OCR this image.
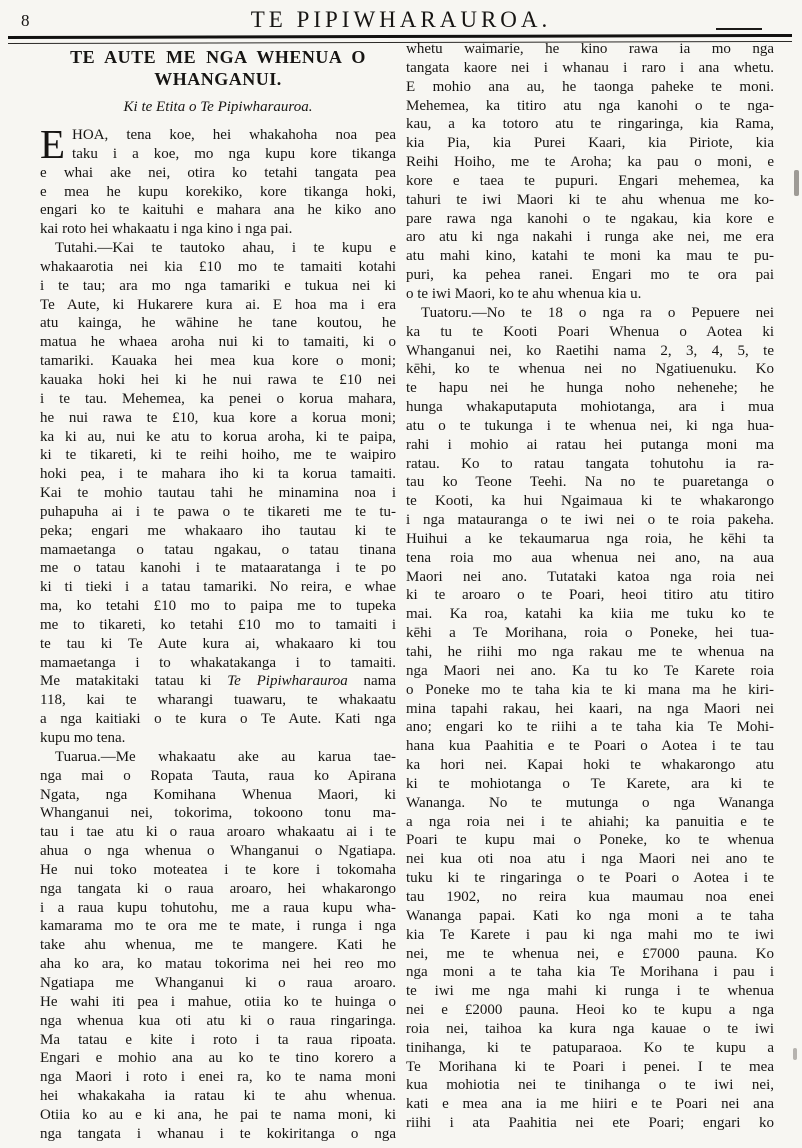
8	TE PIPIWHARAUROA.
TE AUTE ME NGA WHENUA O
WHANGANUI.
Ki te Etita o Te Pipiwharauroa.
E HOA, tena koe, hei whakahoha noa pea
taku i a koe, mo nga kupu kore tikanga
e whai ake nei, otira ko tetahi tangata pea
e mea he kupu korekiko, kore tikanga hoki,
engari ko te kaituhi e mahara ana he kiko ano
kai roto hei whakaatu i nga kino i nga pai.
Tutahi.—Kai te tautoko ahau, i te kupu e
whakaarotia nei kia £10 mo te tamaiti kotahi
i te tau; ara mo nga tamariki e tukua nei ki
Te Aute, ki Hukarere kura ai. E hoa ma i era
atu kainga, he wāhine he tane koutou, he
matua he whaea aroha nui ki to tamaiti, ki o
tamariki. Kauaka hei mea kua kore o moni;
kauaka hoki hei ki he nui rawa te £10 nei
i te tau. Mehemea, ka penei o korua mahara,
he nui rawa te £10, kua kore a korua moni;
ka ki au, nui ke atu to korua aroha, ki te paipa,
ki te tikareti, ki te reihi hoiho, me te waipiro
hoki pea, i te mahara iho ki ta korua tamaiti.
Kai te mohio tautau tahi he minamina noa i
puhapuha ai i te pawa o te tikareti me te tu-
peka; engari me whakaaro iho tautau ki te
mamaetanga o tatau ngakau, o tatau tinana
me o tatau kanohi i te mataaratanga i te po
ki ti tieki i a tatau tamariki. No reira, e whae
ma, ko tetahi £10 mo to paipa me to tupeka
me to tikareti, ko tetahi £10 mo to tamaiti i
te tau ki Te Aute kura ai, whakaaro ki tou
mamaetanga i to whakatakanga i to tamaiti.
Me matakitaki tatau ki Te Pipiwharauroa nama
118, kai te wharangi tuawaru, te whakaatu
a nga kaitiaki o te kura o Te Aute. Kati nga
kupu mo tena.
Tuarua.—Me whakaatu ake au karua tae-
nga mai o Ropata Tauta, raua ko Apirana
Ngata, nga Komihana Whenua Maori, ki
Whanganui nei, tokorima, tokoono tonu ma-
tau i tae atu ki o raua aroaro whakaatu ai i te
ahua o nga whenua o Whanganui o Ngatiapa.
He nui toko moteatea i te kore i tokomaha
nga tangata ki o raua aroaro, hei whakarongo
i a raua kupu tohutohu, me a raua kupu wha-
kamarama mo te ora me te mate, i runga i nga
take ahu whenua, me te mangere. Kati he
aha ko ara, ko matau tokorima nei hei reo mo
Ngatiapa me Whanganui ki o raua aroaro.
He wahi iti pea i mahue, otiia ko te huinga o
nga whenua kua oti atu ki o raua ringaringa.
Ma tatau e kite i roto i ta raua ripoata.
Engari e mohio ana au ko te tino korero a
nga Maori i roto i enei ra, ko te nama moni
hei whakakaha ia ratau ki te ahu whenua.
Otiia ko au e ki ana, he pai te nama moni, ki
nga tangata i whanau i te kokiritanga o nga
whetu waimarie, he kino rawa ia mo nga
tangata kaore nei i whanau i raro i ana whetu.
E mohio ana au, he taonga paheke te moni.
Mehemea, ka titiro atu nga kanohi o te nga-
kau, a ka totoro atu te ringaringa, kia Rama,
kia Pia, kia Purei Kaari, kia Piriote, kia
Reihi Hoiho, me te Aroha; ka pau o moni, e
kore e taea te pupuri. Engari mehemea, ka
tahuri te iwi Maori ki te ahu whenua me ko-
pare rawa nga kanohi o te ngakau, kia kore e
aro atu ki nga nakahi i runga ake nei, me era
atu mahi kino, katahi te moni ka mau te pu-
puri, ka pehea ranei. Engari mo te ora pai
o te iwi Maori, ko te ahu whenua kia u.
Tuatoru.—No te 18 o nga ra o Pepuere nei
ka tu te Kooti Poari Whenua o Aotea ki
Whanganui nei, ko Raetihi nama 2, 3, 4, 5, te
kēhi, ko te whenua nei no Ngatiuenuku. Ko
te hapu nei he hunga noho nehenehe; he
hunga whakaputaputa mohiotanga, ara i mua
atu o te tukunga i te whenua nei, ki nga hua-
rahi i mohio ai ratau hei putanga moni ma
ratau. Ko to ratau tangata tohutohu ia ra-
tau ko Teone Teehi. Na no te puaretanga o
te Kooti, ka hui Ngaimaua ki te whakarongo
i nga matauranga o te iwi nei o te roia pakeha.
Huihui a ke tekaumarua nga roia, he kēhi ta
tena roia mo aua whenua nei ano, na aua
Maori nei ano. Tutataki katoa nga roia nei
ki te aroaro o te Poari, heoi titiro atu titiro
mai. Ka roa, katahi ka kiia me tuku ko te
kēhi a Te Morihana, roia o Poneke, hei tua-
tahi, he riihi mo nga rakau me te whenua na
nga Maori nei ano. Ka tu ko Te Karete roia
o Poneke mo te taha kia te ki mana ma he kiri-
mina tapahi rakau, hei kaari, na nga Maori nei
ano; engari ko te riihi a te taha kia Te Mohi-
hana kua Paahitia e te Poari o Aotea i te tau
ka hori nei. Kapai hoki te whakarongo atu
ki te mohiotanga o Te Karete, ara ki te
Wananga. No te mutunga o nga Wananga
a nga roia nei i te ahiahi; ka panuitia e te
Poari te kupu mai o Poneke, ko te whenua
nei kua oti noa atu i nga Maori nei ano te
tuku ki te ringaringa o te Poari o Aotea i te
tau 1902, no reira kua maumau noa enei
Wananga papai. Kati ko nga moni a te taha
kia Te Karete i pau ki nga mahi mo te iwi
nei, me te whenua nei, e £7000 pauna. Ko
nga moni a te taha kia Te Morihana i pau i
te iwi me nga mahi ki runga i te whenua
nei e £2000 pauna. Heoi ko te kupu a nga
roia nei, taihoa ka kura nga kauae o te iwi
tinihanga, ki te patuparaoa. Ko te kupu a
Te Morihana ki te Poari i penei. I te mea
kua mohiotia nei te tinihanga o te iwi nei,
kati e mea ana ia me hiiri e te Poari nei ana
riihi i ata Paahitia nei ete Poari; engari ko
